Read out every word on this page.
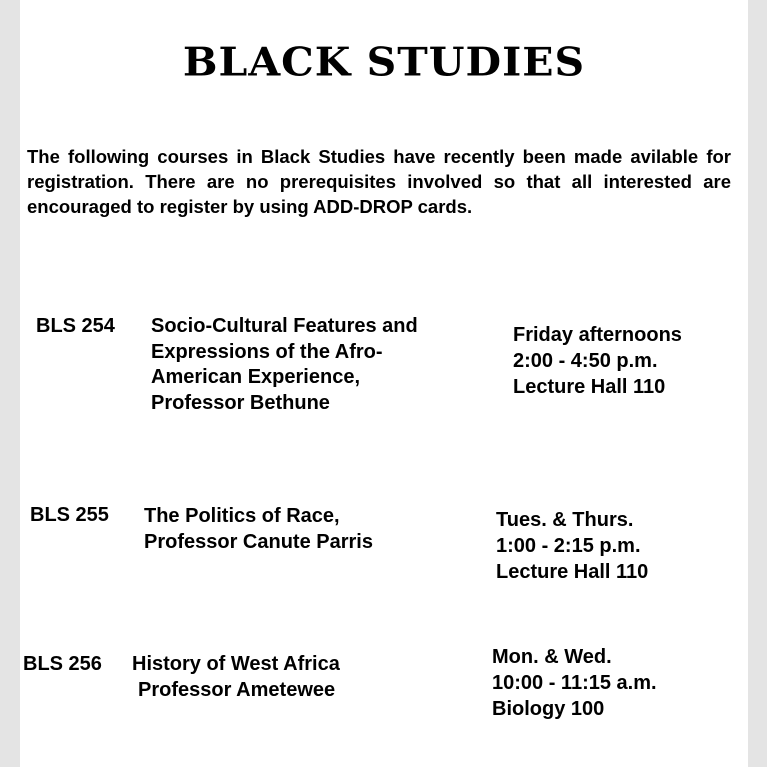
BLACK STUDIES
The following courses in Black Studies have recently been made avilable for registration. There are no prerequisites involved so that all interested are encouraged to register by using ADD-DROP cards.
BLS 254 Socio-Cultural Features and
Expressions of the Afro-
American Experience,
Professor Bethune
Friday afternoons
2:00 - 4:50 p.m.
Lecture Hall 110
BLS 255 The Politics of Race,
Professor Canute Parris
Tues. & Thurs.
1:00 - 2:15 p.m.
Lecture Hall 110
BLS 256 History of West Africa
Professor Ametewee
Mon. & Wed.
10:00 - 11:15 a.m.
Biology 100
